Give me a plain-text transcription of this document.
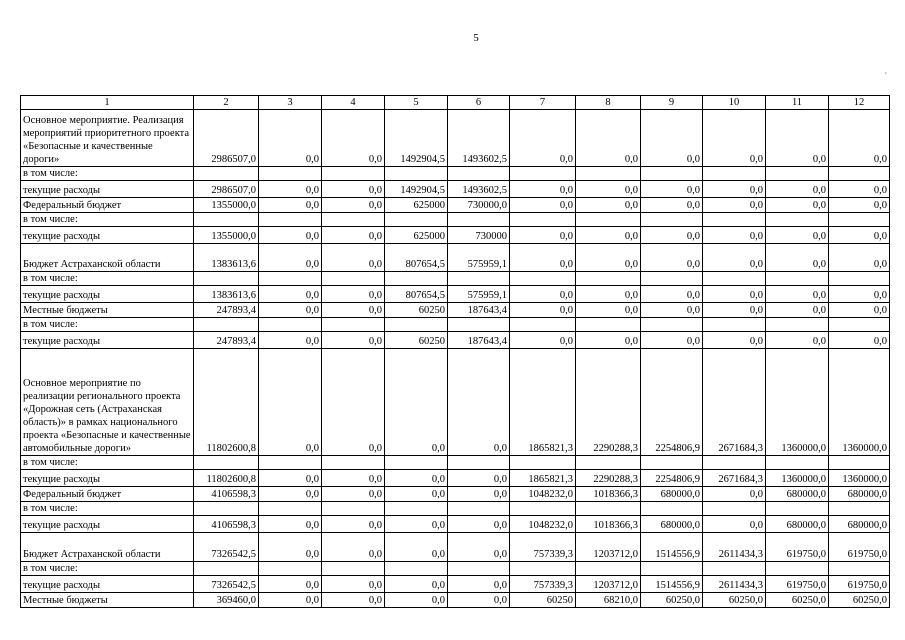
5
ˊ
1	2	3	4	5	6	7	8	9	10	11	12
Основное мероприятие. Реализация мероприятий приоритетного проекта «Безопасные и качественные дороги»	2986507,0	0,0	0,0	1492904,5	1493602,5	0,0	0,0	0,0	0,0	0,0	0,0
в том числе:											
текущие расходы	2986507,0	0,0	0,0	1492904,5	1493602,5	0,0	0,0	0,0	0,0	0,0	0,0
Федеральный бюджет	1355000,0	0,0	0,0	625000	730000,0	0,0	0,0	0,0	0,0	0,0	0,0
в том числе:											
текущие расходы	1355000,0	0,0	0,0	625000	730000	0,0	0,0	0,0	0,0	0,0	0,0
Бюджет Астраханской области	1383613,6	0,0	0,0	807654,5	575959,1	0,0	0,0	0,0	0,0	0,0	0,0
в том числе:											
текущие расходы	1383613,6	0,0	0,0	807654,5	575959,1	0,0	0,0	0,0	0,0	0,0	0,0
Местные бюджеты	247893,4	0,0	0,0	60250	187643,4	0,0	0,0	0,0	0,0	0,0	0,0
в том числе:											
текущие расходы	247893,4	0,0	0,0	60250	187643,4	0,0	0,0	0,0	0,0	0,0	0,0
Основное мероприятие по реализации регионального проекта «Дорожная сеть (Астраханская область)» в рамках национального проекта «Безопасные и качественные автомобильные дороги»	11802600,8	0,0	0,0	0,0	0,0	1865821,3	2290288,3	2254806,9	2671684,3	1360000,0	1360000,0
в том числе:											
текущие расходы	11802600,8	0,0	0,0	0,0	0,0	1865821,3	2290288,3	2254806,9	2671684,3	1360000,0	1360000,0
Федеральный бюджет	4106598,3	0,0	0,0	0,0	0,0	1048232,0	1018366,3	680000,0	0,0	680000,0	680000,0
в том числе:											
текущие расходы	4106598,3	0,0	0,0	0,0	0,0	1048232,0	1018366,3	680000,0	0,0	680000,0	680000,0
Бюджет Астраханской области	7326542,5	0,0	0,0	0,0	0,0	757339,3	1203712,0	1514556,9	2611434,3	619750,0	619750,0
в том числе:											
текущие расходы	7326542,5	0,0	0,0	0,0	0,0	757339,3	1203712,0	1514556,9	2611434,3	619750,0	619750,0
Местные бюджеты	369460,0	0,0	0,0	0,0	0,0	60250	68210,0	60250,0	60250,0	60250,0	60250,0
